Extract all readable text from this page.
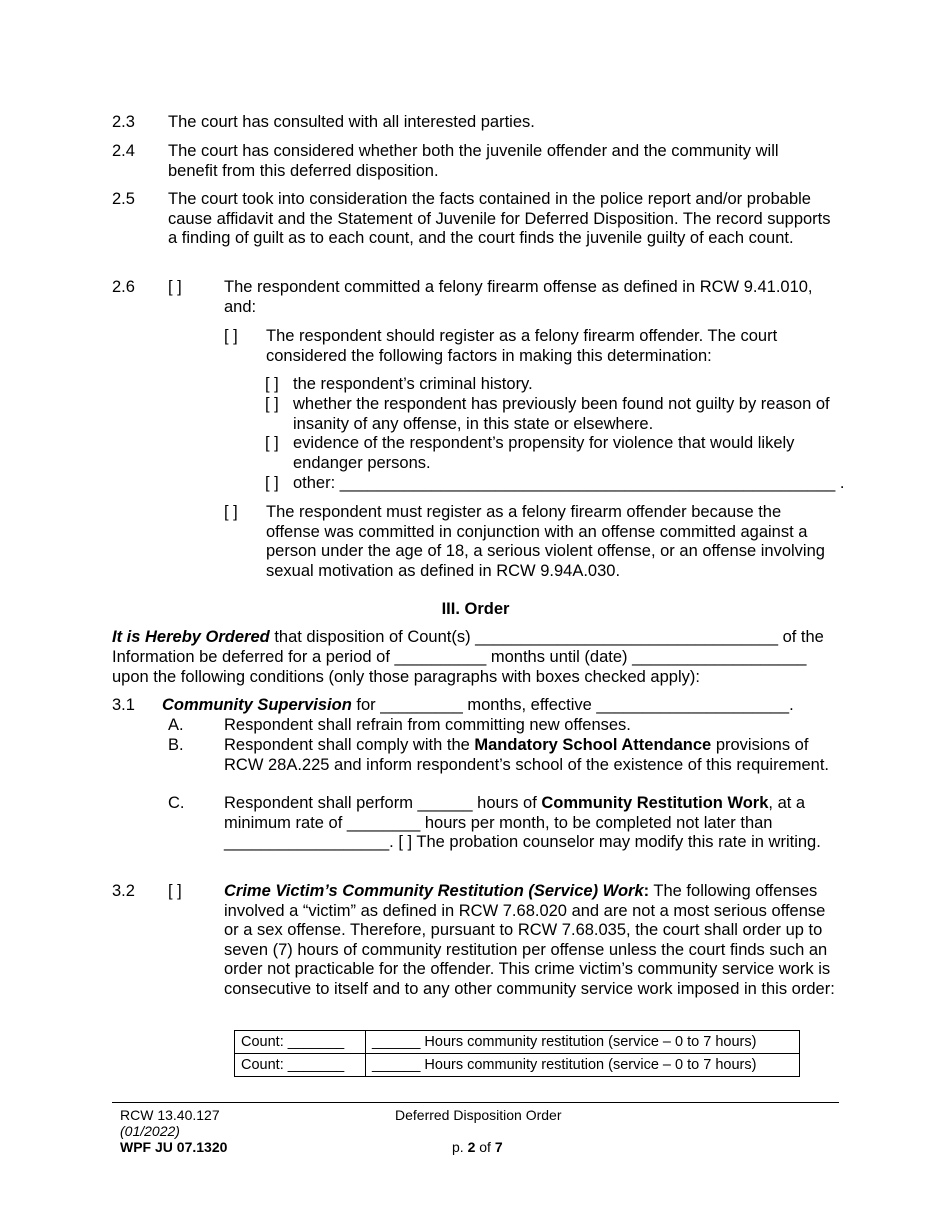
2.3 The court has consulted with all interested parties.
2.4 The court has considered whether both the juvenile offender and the community will benefit from this deferred disposition.
2.5 The court took into consideration the facts contained in the police report and/or probable cause affidavit and the Statement of Juvenile for Deferred Disposition. The record supports a finding of guilt as to each count, and the court finds the juvenile guilty of each count.
2.6 [ ]	The respondent committed a felony firearm offense as defined in RCW 9.41.010, and:
[ ] The respondent should register as a felony firearm offender. The court considered the following factors in making this determination:
[ ] the respondent’s criminal history.
[ ] whether the respondent has previously been found not guilty by reason of insanity of any offense, in this state or elsewhere.
[ ] evidence of the respondent’s propensity for violence that would likely endanger persons.
[ ] other: ______________________________________________________ .
[ ] The respondent must register as a felony firearm offender because the offense was committed in conjunction with an offense committed against a person under the age of 18, a serious violent offense, or an offense involving sexual motivation as defined in RCW 9.94A.030.
III. Order
It is Hereby Ordered that disposition of Count(s) _________________________________ of the
Information be deferred for a period of __________ months until (date) ___________________
upon the following conditions (only those paragraphs with boxes checked apply):
3.1 Community Supervision for _________ months, effective _____________________.
A. Respondent shall refrain from committing new offenses.
B. Respondent shall comply with the Mandatory School Attendance provisions of RCW 28A.225 and inform respondent’s school of the existence of this requirement.
C. Respondent shall perform ______ hours of Community Restitution Work, at a minimum rate of ________ hours per month, to be completed not later than __________________. [ ] The probation counselor may modify this rate in writing.
3.2 [ ]	Crime Victim’s Community Restitution (Service) Work: The following offenses involved a “victim” as defined in RCW 7.68.020 and are not a most serious offense or a sex offense. Therefore, pursuant to RCW 7.68.035, the court shall order up to seven (7) hours of community restitution per offense unless the court finds such an order not practicable for the offender. This crime victim’s community service work is consecutive to itself and to any other community service work imposed in this order:
Count: _______	______ Hours community restitution (service – 0 to 7 hours)
Count: _______	______ Hours community restitution (service – 0 to 7 hours)
RCW 13.40.127
(01/2022)
WPF JU 07.1320
Deferred Disposition Order
p. 2 of 7
